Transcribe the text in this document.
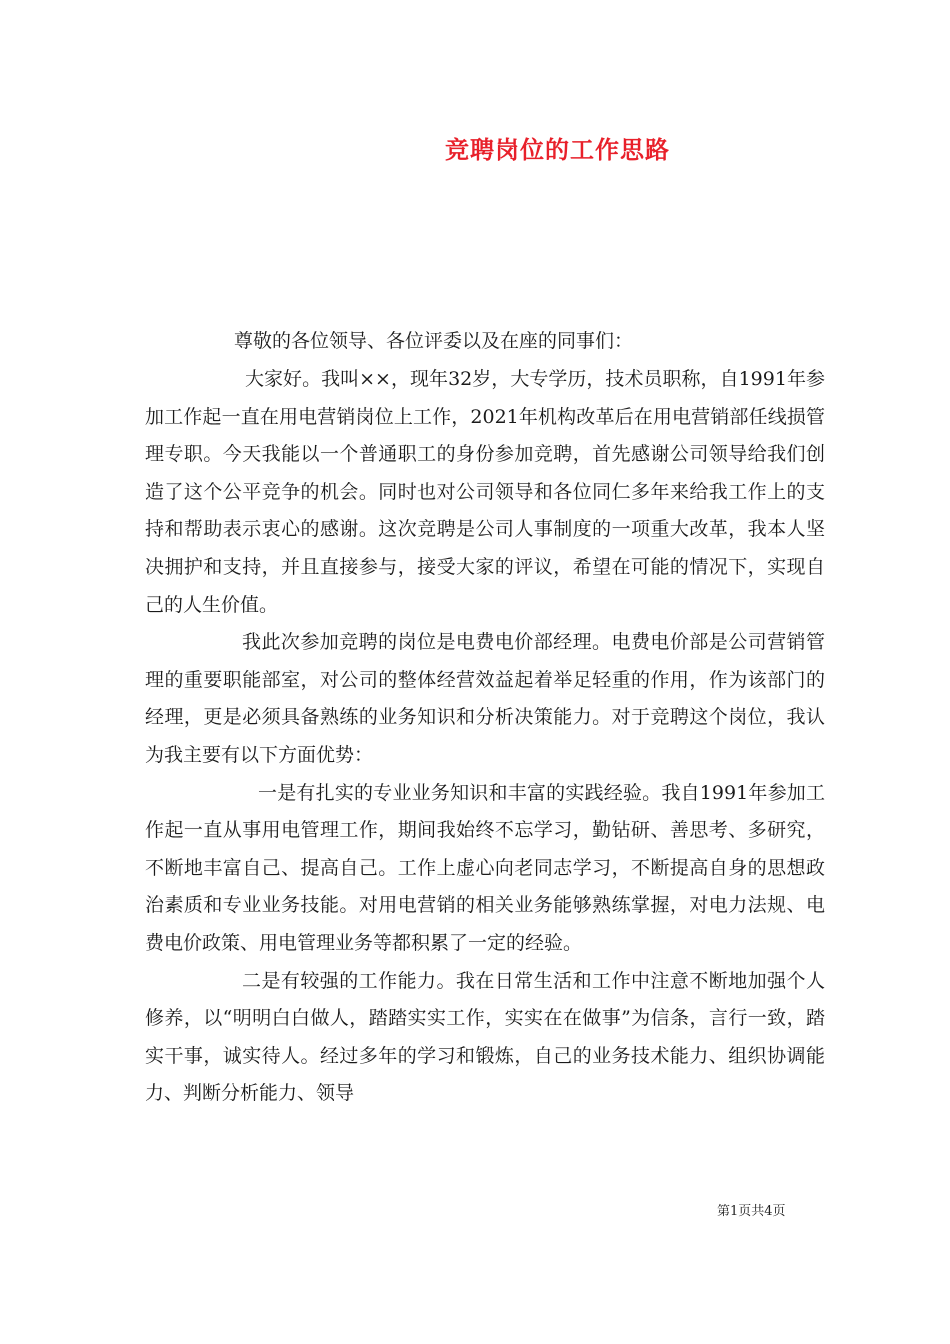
竞聘岗位的工作思路
尊敬的各位领导、各位评委以及在座的同事们：

大家好。我叫××，现年32岁，大专学历，技术员职称，自1991年参加工作起一直在用电营销岗位上工作，2021年机构改革后在用电营销部任线损管理专职。今天我能以一个普通职工的身份参加竞聘，首先感谢公司领导给我们创造了这个公平竞争的机会。同时也对公司领导和各位同仁多年来给我工作上的支持和帮助表示衷心的感谢。这次竞聘是公司人事制度的一项重大改革，我本人坚决拥护和支持，并且直接参与，接受大家的评议，希望在可能的情况下，实现自己的人生价值。

我此次参加竞聘的岗位是电费电价部经理。电费电价部是公司营销管理的重要职能部室，对公司的整体经营效益起着举足轻重的作用，作为该部门的经理，更是必须具备熟练的业务知识和分析决策能力。对于竞聘这个岗位，我认为我主要有以下方面优势：

一是有扎实的专业业务知识和丰富的实践经验。我自1991年参加工作起一直从事用电管理工作，期间我始终不忘学习，勤钻研、善思考、多研究，不断地丰富自己、提高自己。工作上虚心向老同志学习，不断提高自身的思想政治素质和专业业务技能。对用电营销的相关业务能够熟练掌握，对电力法规、电费电价政策、用电管理业务等都积累了一定的经验。

二是有较强的工作能力。我在日常生活和工作中注意不断地加强个人修养，以“明明白白做人，踏踏实实工作，实实在在做事”为信条，言行一致，踏实干事，诚实待人。经过多年的学习和锻炼，自己的业务技术能力、组织协调能力、判断分析能力、领导

第1页共4页
